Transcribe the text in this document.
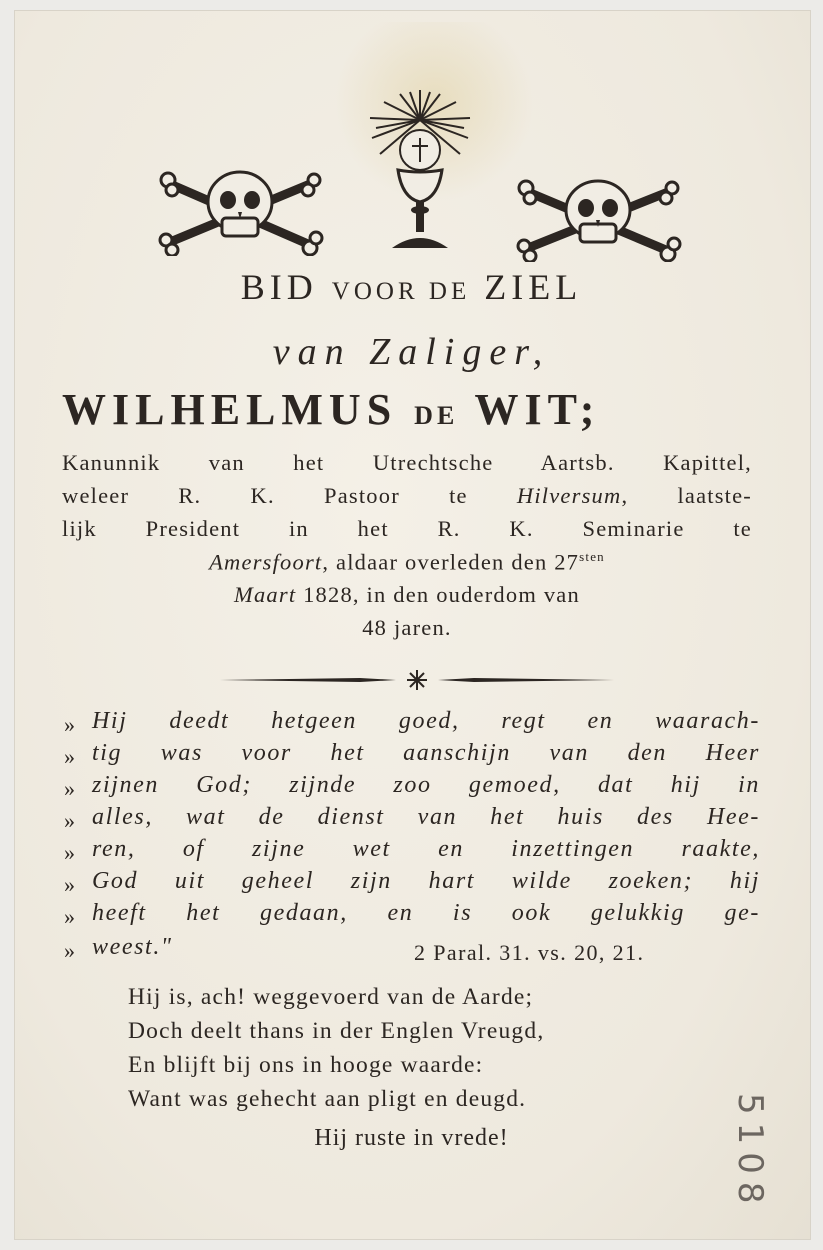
BID VOOR DE ZIEL
van Zaliger,
WILHELMUS DE WIT;
Kanunnik van het Utrechtsche Aartsb. Kapittel,
weleer R. K. Pastoor te Hilversum, laatste-
lijk President in het R. K. Seminarie te
Amersfoort, aldaar overleden den $27^{sten}$
Maart 1828, in den ouderdom van
48 jaren.
»
»
»
»
»
»
»
»
Hij deedt hetgeen goed, regt en waarach-
tig was voor het aanschijn van den Heer
zijnen God; zijnde zoo gemoed, dat hij in
alles, wat de dienst van het huis des Hee-
ren, of zijne wet en inzettingen raakte,
God uit geheel zijn hart wilde zoeken; hij
heeft het gedaan, en is ook gelukkig ge-
weest."	2 Paral. 31. vs. 20, 21.
Hij is, ach! weggevoerd van de Aarde;
Doch deelt thans in der Englen Vreugd,
En blijft bij ons in hooge waarde:
Want was gehecht aan pligt en deugd.
Hij ruste in vrede!	5108
